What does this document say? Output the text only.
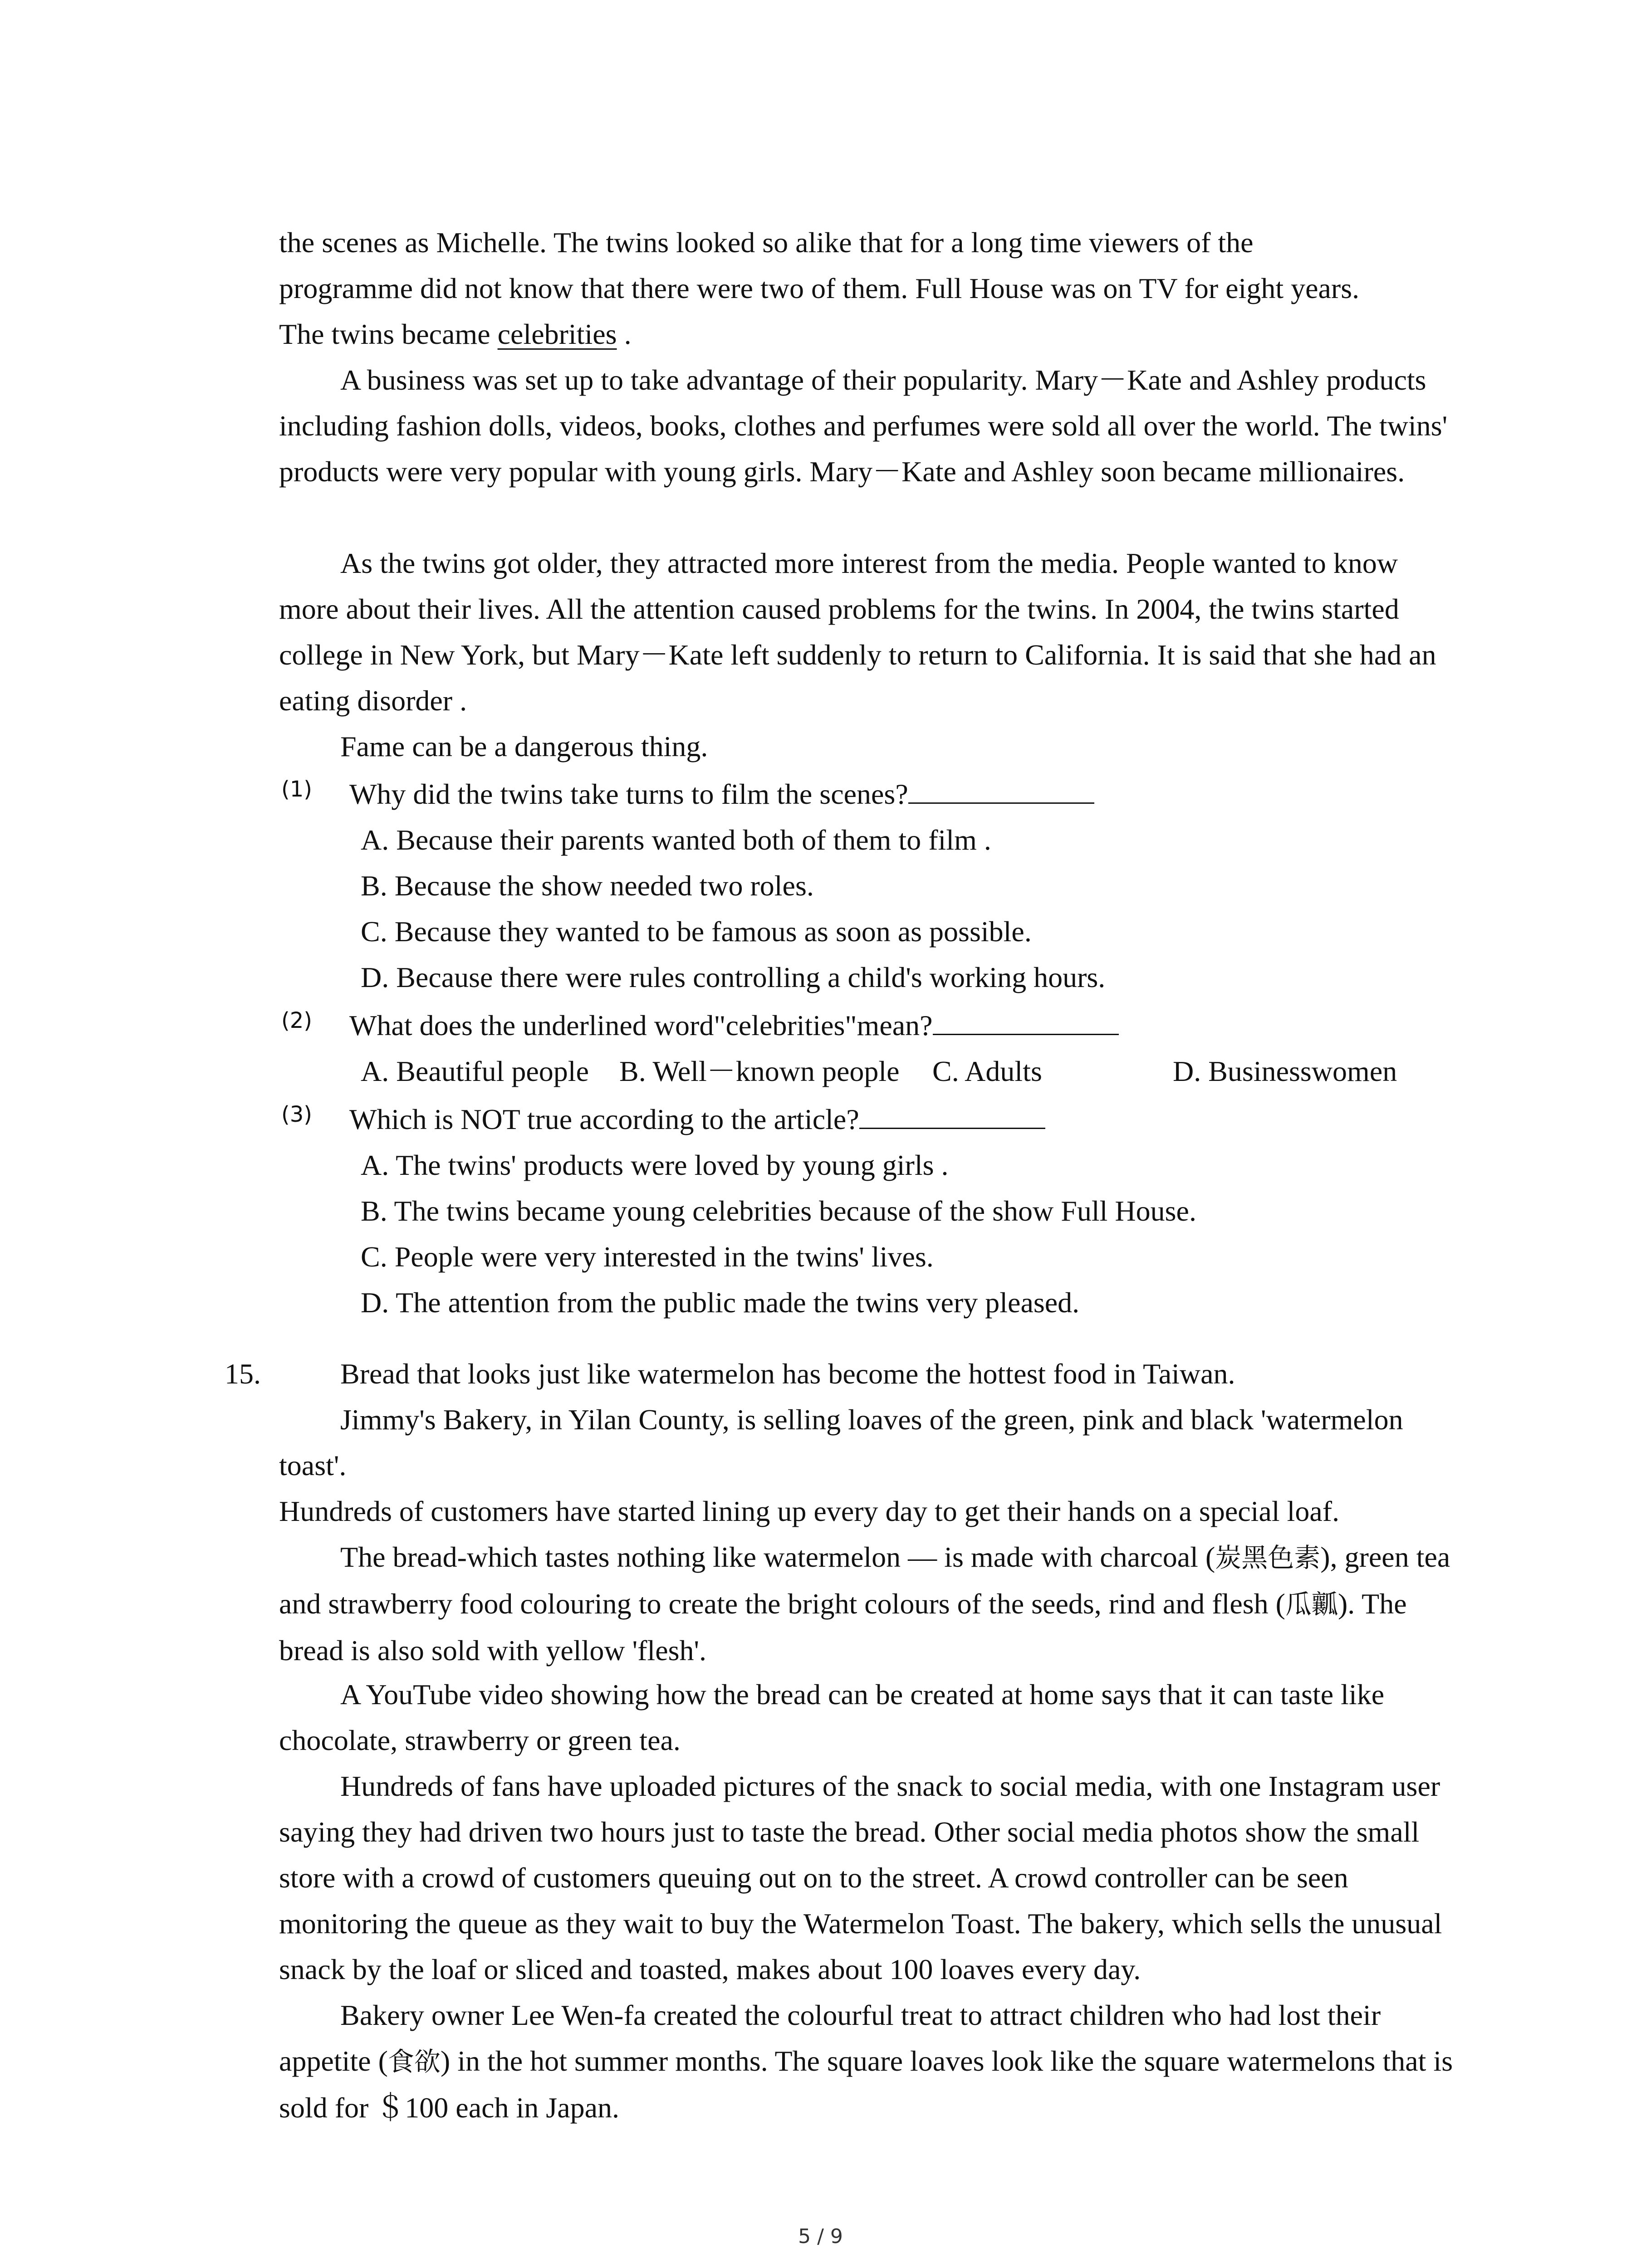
the scenes as Michelle. The twins looked so alike that for a long time viewers of the
programme did not know that there were two of them. Full House was on TV for eight years.
The twins became celebrities .
A business was set up to take advantage of their popularity. Mary－Kate and Ashley products including fashion dolls, videos, books, clothes and perfumes were sold all over the world. The twins' products were very popular with young girls. Mary－Kate and Ashley soon became millionaires.
As the twins got older, they attracted more interest from the media. People wanted to know more about their lives. All the attention caused problems for the twins. In 2004, the twins started college in New York, but Mary－Kate left suddenly to return to California. It is said that she had an eating disorder .
Fame can be a dangerous thing.
(1) Why did the twins take turns to film the scenes?
A. Because their parents wanted both of them to film .
B. Because the show needed two roles.
C. Because they wanted to be famous as soon as possible.
D. Because there were rules controlling a child's working hours.
(2) What does the underlined word"celebrities"mean?
A. Beautiful people B. Well－known people C. Adults	D. Businesswomen
(3) Which is NOT true according to the article?
A. The twins' products were loved by young girls .
B. The twins became young celebrities because of the show Full House.
C. People were very interested in the twins' lives.
D. The attention from the public made the twins very pleased.
15.	Bread that looks just like watermelon has become the hottest food in Taiwan.
Jimmy's Bakery, in Yilan County, is selling loaves of the green, pink and black 'watermelon toast'.
Hundreds of customers have started lining up every day to get their hands on a special loaf.
The bread-which tastes nothing like watermelon — is made with charcoal (炭黑色素), green tea and strawberry food colouring to create the bright colours of the seeds, rind and flesh (瓜瓤). The bread is also sold with yellow 'flesh'.
A YouTube video showing how the bread can be created at home says that it can taste like chocolate, strawberry or green tea.
Hundreds of fans have uploaded pictures of the snack to social media, with one Instagram user saying they had driven two hours just to taste the bread. Other social media photos show the small store with a crowd of customers queuing out on to the street. A crowd controller can be seen monitoring the queue as they wait to buy the Watermelon Toast. The bakery, which sells the unusual snack by the loaf or sliced and toasted, makes about 100 loaves every day.
Bakery owner Lee Wen-fa created the colourful treat to attract children who had lost their appetite (食欲) in the hot summer months. The square loaves look like the square watermelons that is sold for ＄100 each in Japan.
5 / 9
